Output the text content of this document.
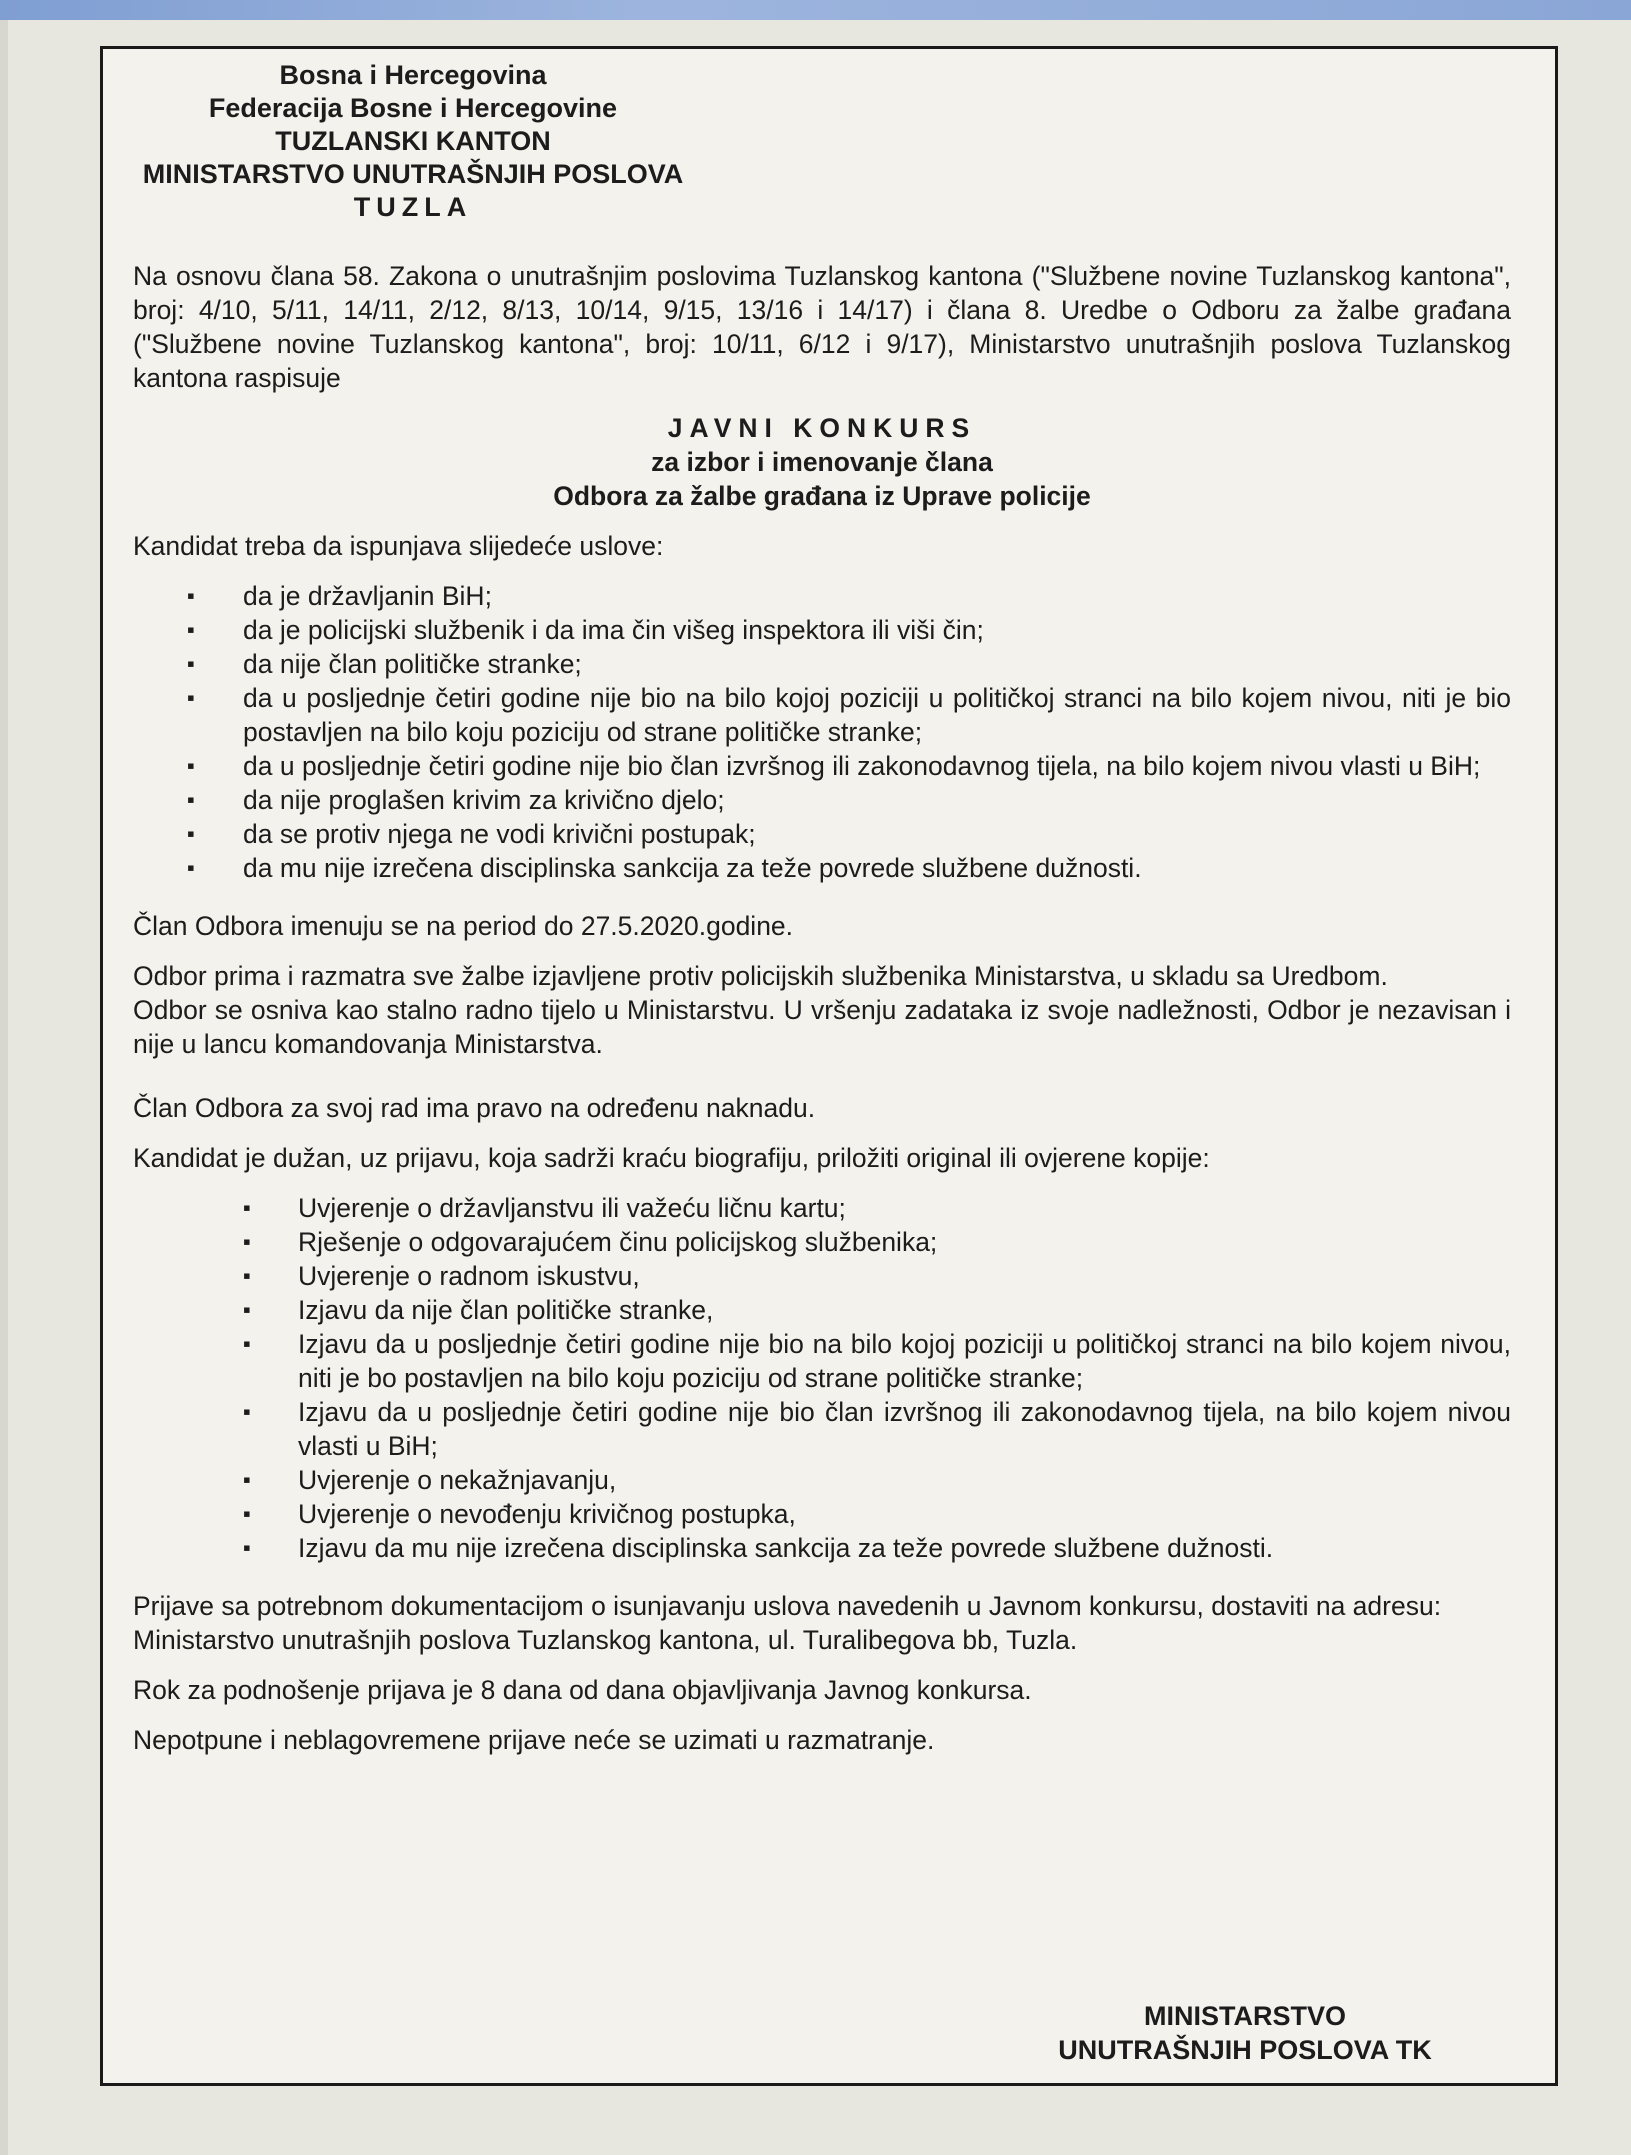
Bosna i Hercegovina
Federacija Bosne i Hercegovine
TUZLANSKI KANTON
MINISTARSTVO UNUTRAŠNJIH POSLOVA
TUZLA

Na osnovu člana 58. Zakona o unutrašnjim poslovima Tuzlanskog kantona ("Službene novine Tuzlanskog kantona", broj: 4/10, 5/11, 14/11, 2/12, 8/13, 10/14, 9/15, 13/16 i 14/17) i člana 8. Uredbe o Odboru za žalbe građana ("Službene novine Tuzlanskog kantona", broj: 10/11, 6/12 i 9/17), Ministarstvo unutrašnjih poslova Tuzlanskog kantona raspisuje

JAVNI KONKURS
za izbor i imenovanje člana
Odbora za žalbe građana iz Uprave policije

Kandidat treba da ispunjava slijedeće uslove:

▪ da je državljanin BiH;
▪ da je policijski službenik i da ima čin višeg inspektora ili viši čin;
▪ da nije član političke stranke;
▪ da u posljednje četiri godine nije bio na bilo kojoj poziciji u političkoj stranci na bilo kojem nivou, niti je bio postavljen na bilo koju poziciju od strane političke stranke;
▪ da u posljednje četiri godine nije bio član izvršnog ili zakonodavnog tijela, na bilo kojem nivou vlasti u BiH;
▪ da nije proglašen krivim za krivično djelo;
▪ da se protiv njega ne vodi krivični postupak;
▪ da mu nije izrečena disciplinska sankcija za teže povrede službene dužnosti.

Član Odbora imenuju se na period do 27.5.2020.godine.

Odbor prima i razmatra sve žalbe izjavljene protiv policijskih službenika Ministarstva, u skladu sa Uredbom.

Odbor se osniva kao stalno radno tijelo u Ministarstvu. U vršenju zadataka iz svoje nadležnosti, Odbor je nezavisan i nije u lancu komandovanja Ministarstva.

Član Odbora za svoj rad ima pravo na određenu naknadu.

Kandidat je dužan, uz prijavu, koja sadrži kraću biografiju, priložiti original ili ovjerene kopije:

▪ Uvjerenje o državljanstvu ili važeću ličnu kartu;
▪ Rješenje o odgovarajućem činu policijskog službenika;
▪ Uvjerenje o radnom iskustvu,
▪ Izjavu da nije član političke stranke,
▪ Izjavu da u posljednje četiri godine nije bio na bilo kojoj poziciji u političkoj stranci na bilo kojem nivou, niti je bo postavljen na bilo koju poziciju od strane političke stranke;
▪ Izjavu da u posljednje četiri godine nije bio član izvršnog ili zakonodavnog tijela, na bilo kojem nivou vlasti u BiH;
▪ Uvjerenje o nekažnjavanju,
▪ Uvjerenje o nevođenju krivičnog postupka,
▪ Izjavu da mu nije izrečena disciplinska sankcija za teže povrede službene dužnosti.

Prijave sa potrebnom dokumentacijom o isunjavanju uslova navedenih u Javnom konkursu, dostaviti na adresu:

Ministarstvo unutrašnjih poslova Tuzlanskog kantona, ul. Turalibegova bb, Tuzla.

Rok za podnošenje prijava je 8 dana od dana objavljivanja Javnog konkursa.

Nepotpune i neblagovremene prijave neće se uzimati u razmatranje.

MINISTARSTVO
UNUTRAŠNJIH POSLOVA TK
